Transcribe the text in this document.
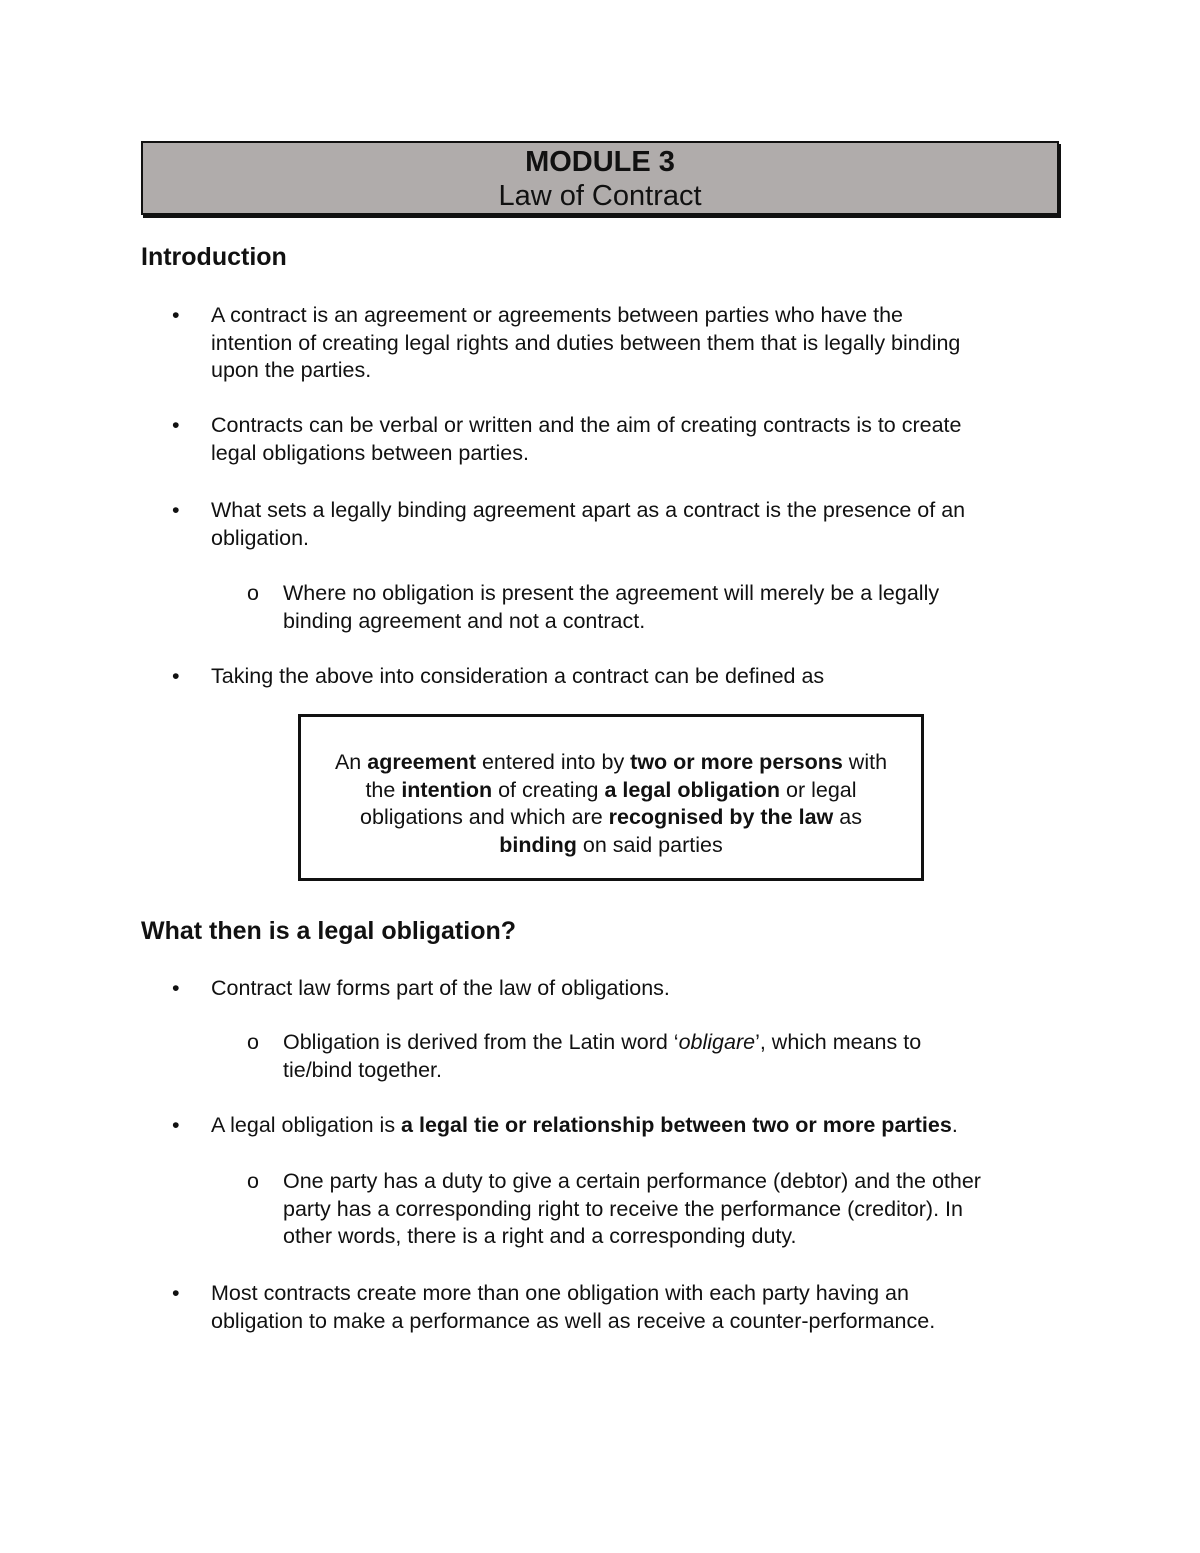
MODULE 3
Law of Contract
Introduction
• A contract is an agreement or agreements between parties who have the
intention of creating legal rights and duties between them that is legally binding
upon the parties.
• Contracts can be verbal or written and the aim of creating contracts is to create
legal obligations between parties.
• What sets a legally binding agreement apart as a contract is the presence of an
obligation.
o Where no obligation is present the agreement will merely be a legally
binding agreement and not a contract.
• Taking the above into consideration a contract can be defined as
An agreement entered into by two or more persons with
the intention of creating a legal obligation or legal
obligations and which are recognised by the law as
binding on said parties
What then is a legal obligation?
• Contract law forms part of the law of obligations.
o Obligation is derived from the Latin word ‘obligare’, which means to
tie/bind together.
• A legal obligation is a legal tie or relationship between two or more parties.
o One party has a duty to give a certain performance (debtor) and the other
party has a corresponding right to receive the performance (creditor). In
other words, there is a right and a corresponding duty.
• Most contracts create more than one obligation with each party having an
obligation to make a performance as well as receive a counter-performance.
